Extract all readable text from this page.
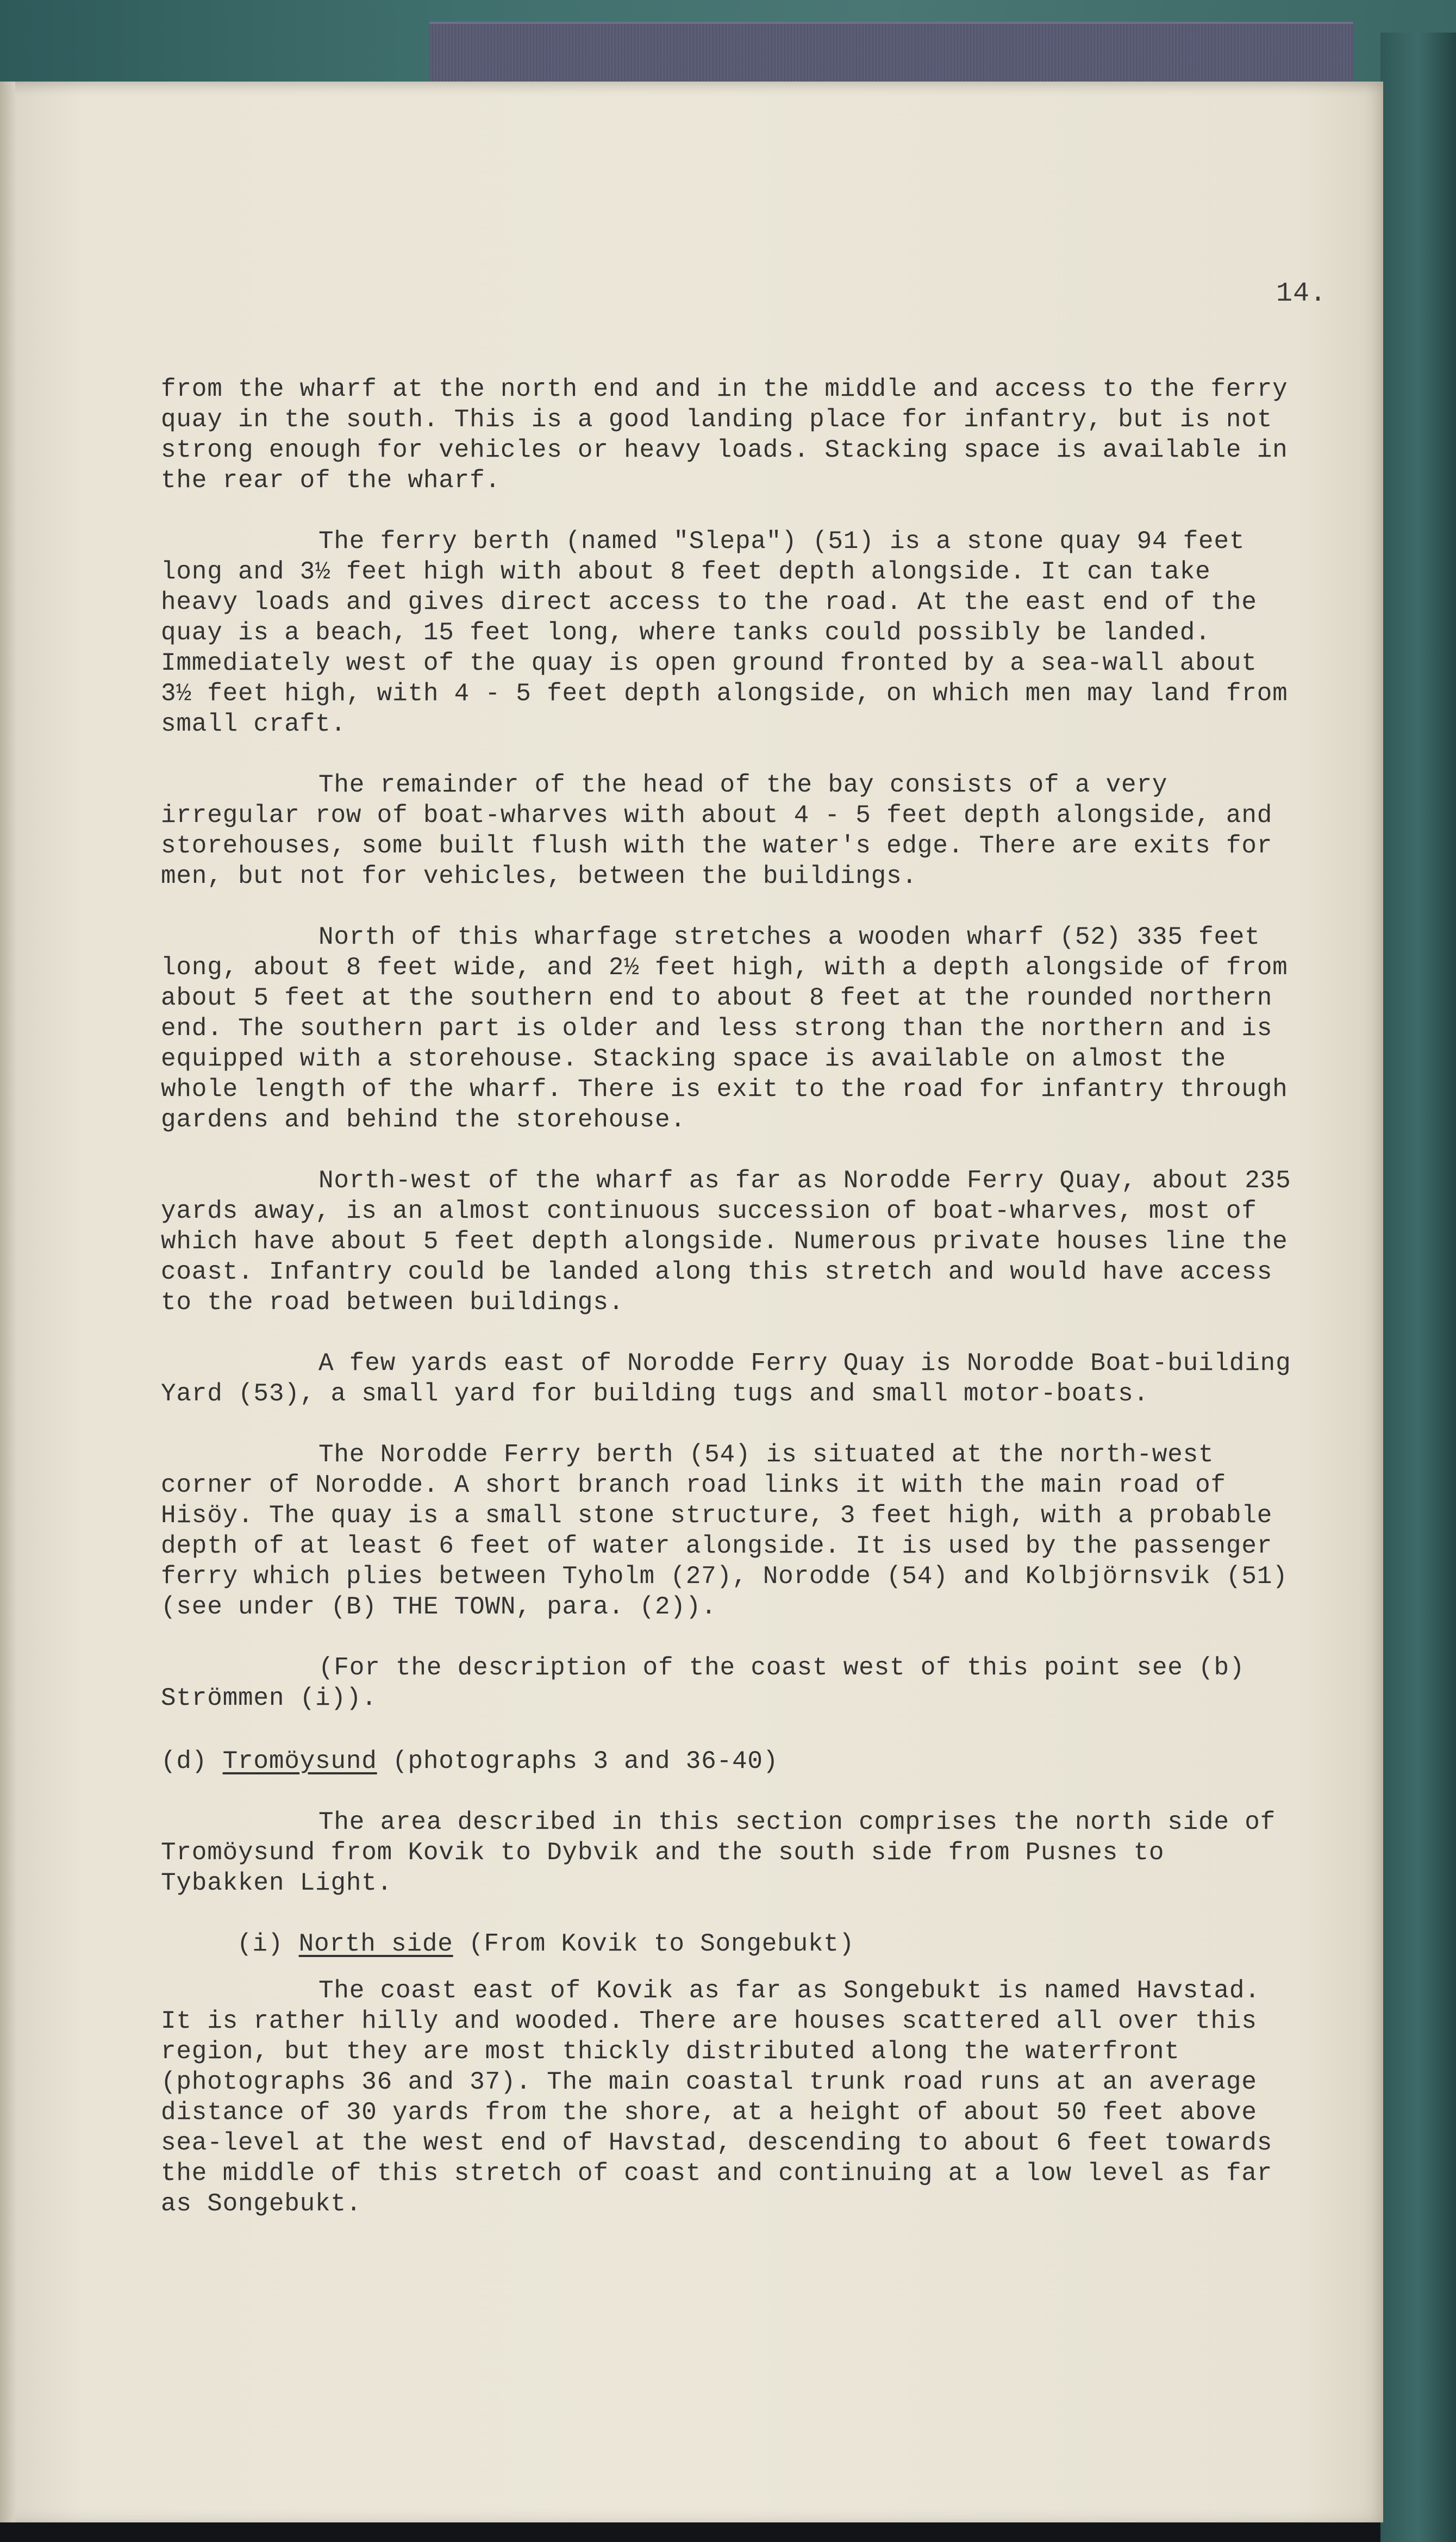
14.

from the wharf at the north end and in the middle and access to the ferry quay in the south. This is a good landing place for infantry, but is not strong enough for vehicles or heavy loads. Stacking space is available in the rear of the wharf.

The ferry berth (named "Slepa") (51) is a stone quay 94 feet long and 3½ feet high with about 8 feet depth alongside. It can take heavy loads and gives direct access to the road. At the east end of the quay is a beach, 15 feet long, where tanks could possibly be landed. Immediately west of the quay is open ground fronted by a sea-wall about 3½ feet high, with 4 - 5 feet depth alongside, on which men may land from small craft.

The remainder of the head of the bay consists of a very irregular row of boat-wharves with about 4 - 5 feet depth alongside, and storehouses, some built flush with the water's edge. There are exits for men, but not for vehicles, between the buildings.

North of this wharfage stretches a wooden wharf (52) 335 feet long, about 8 feet wide, and 2½ feet high, with a depth alongside of from about 5 feet at the southern end to about 8 feet at the rounded northern end. The southern part is older and less strong than the northern and is equipped with a storehouse. Stacking space is available on almost the whole length of the wharf. There is exit to the road for infantry through gardens and behind the storehouse.

North-west of the wharf as far as Norodde Ferry Quay, about 235 yards away, is an almost continuous succession of boat-wharves, most of which have about 5 feet depth alongside. Numerous private houses line the coast. Infantry could be landed along this stretch and would have access to the road between buildings.

A few yards east of Norodde Ferry Quay is Norodde Boat-building Yard (53), a small yard for building tugs and small motor-boats.

The Norodde Ferry berth (54) is situated at the north-west corner of Norodde. A short branch road links it with the main road of Hisöy. The quay is a small stone structure, 3 feet high, with a probable depth of at least 6 feet of water alongside. It is used by the passenger ferry which plies between Tyholm (27), Norodde (54) and Kolbjörnsvik (51) (see under (B) THE TOWN, para. (2)).

(For the description of the coast west of this point see (b) Strömmen (i)).

(d) Tromöysund (photographs 3 and 36-40)

The area described in this section comprises the north side of Tromöysund from Kovik to Dybvik and the south side from Pusnes to Tybakken Light.

(i) North side (From Kovik to Songebukt)

The coast east of Kovik as far as Songebukt is named Havstad. It is rather hilly and wooded. There are houses scattered all over this region, but they are most thickly distributed along the waterfront (photographs 36 and 37). The main coastal trunk road runs at an average distance of 30 yards from the shore, at a height of about 50 feet above sea-level at the west end of Havstad, descending to about 6 feet towards the middle of this stretch of coast and continuing at a low level as far as Songebukt.
